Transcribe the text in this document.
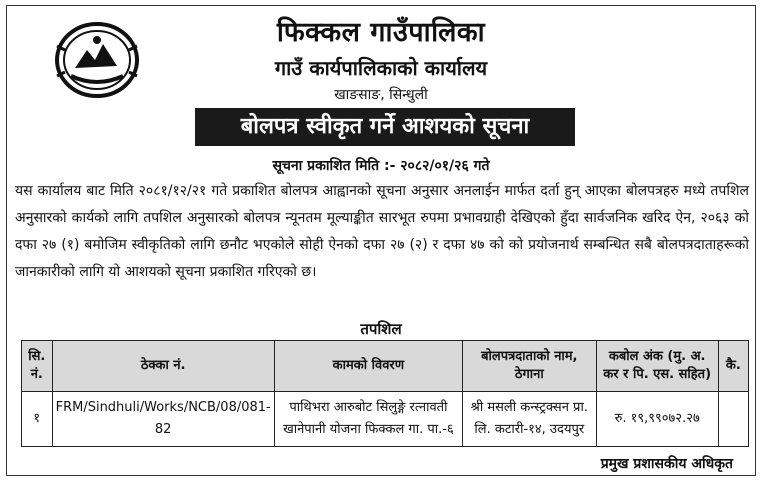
फिक्कल गाउँपालिका
गाउँ कार्यपालिकाको कार्यालय
खाङसाङ, सिन्धुली
बोलपत्र स्वीकृत गर्ने आशयको सूचना
सूचना प्रकाशित मिति :- २०८२/०१/२६ गते
यस कार्यालय बाट मिति २०८१/१२/२१ गते प्रकाशित बोलपत्र आह्वानको सूचना अनुसार अनलाईन मार्फत दर्ता हुन् आएका बोलपत्रहरु मध्ये तपशिल अनुसारको कार्यको लागि तपशिल अनुसारको बोलपत्र न्यूनतम मूल्याङ्कीत सारभूत रुपमा प्रभावग्राही देखिएको हुँदा सार्वजनिक खरिद ऐन, २०६३ को दफा २७ (१) बमोजिम स्वीकृतिको लागि छनौट भएकोले सोही ऐनको दफा २७ (२) र दफा ४७ को को प्रयोजनार्थ सम्बन्धित सबै बोलपत्रदाताहरूको जानकारीको लागि यो आशयको सूचना प्रकाशित गरिएको छ।
तपशिल
सि. नं.	ठेक्का नं.	कामको विवरण	बोलपत्रदाताको नाम, ठेगाना	कबोल अंक (मु. अ. कर र पि. एस. सहित)	कै.
१	FRM/Sindhuli/Works/NCB/08/081-82	पाथिभरा आरुबोट सिलुङ्गे रत्नावती खानेपानी योजना फिक्कल गा. पा.-६	श्री मसली कन्स्ट्रक्सन प्रा. लि. कटारी-१४, उदयपुर	रु. १९,९९०७२.२७	
प्रमुख प्रशासकीय अधिकृत
